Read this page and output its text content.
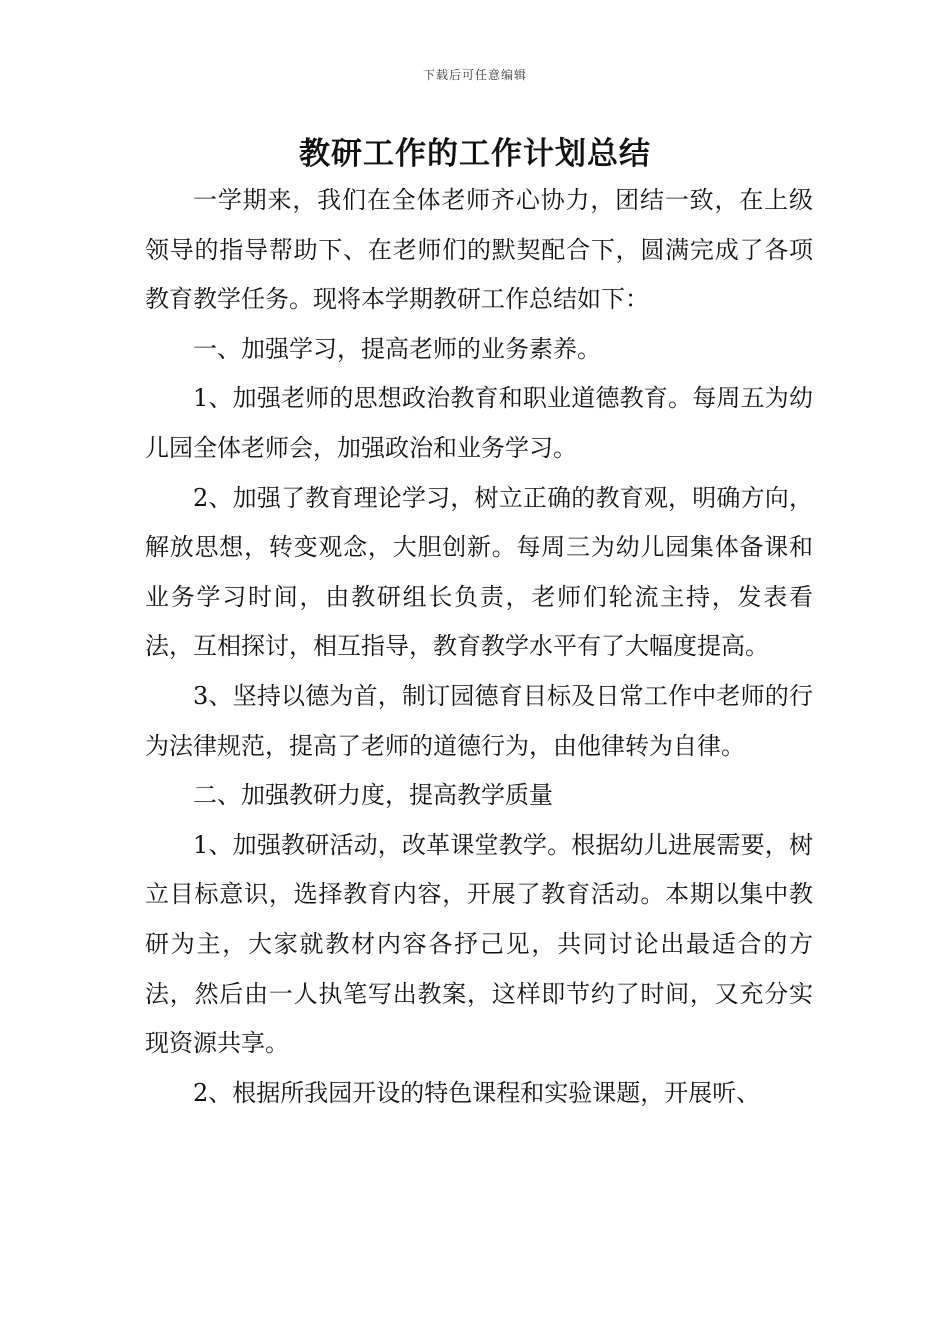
下载后可任意编辑
教研工作的工作计划总结

一学期来，我们在全体老师齐心协力，团结一致，在上级领导的指导帮助下、在老师们的默契配合下，圆满完成了各项教育教学任务。现将本学期教研工作总结如下：

一、加强学习，提高老师的业务素养。

1、加强老师的思想政治教育和职业道德教育。每周五为幼儿园全体老师会，加强政治和业务学习。

2、加强了教育理论学习，树立正确的教育观，明确方向，解放思想，转变观念，大胆创新。每周三为幼儿园集体备课和业务学习时间，由教研组长负责，老师们轮流主持，发表看法，互相探讨，相互指导，教育教学水平有了大幅度提高。

3、坚持以德为首，制订园德育目标及日常工作中老师的行为法律规范，提高了老师的道德行为，由他律转为自律。

二、加强教研力度，提高教学质量

1、加强教研活动，改革课堂教学。根据幼儿进展需要，树立目标意识，选择教育内容，开展了教育活动。本期以集中教研为主，大家就教材内容各抒己见，共同讨论出最适合的方法，然后由一人执笔写出教案，这样即节约了时间，又充分实现资源共享。

2、根据所我园开设的特色课程和实验课题，开展听、
